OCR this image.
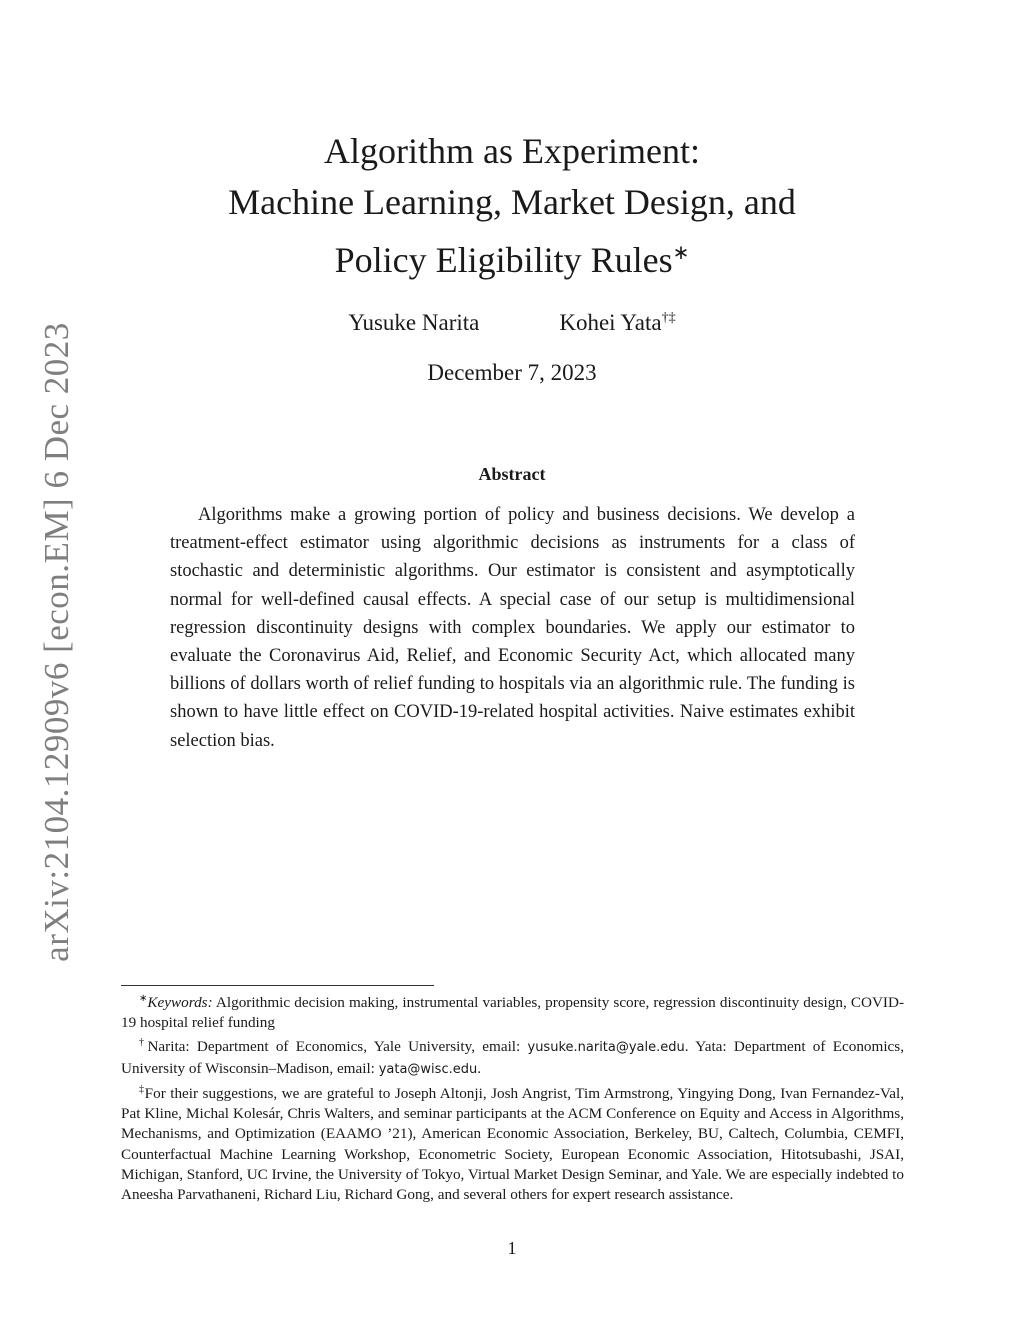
arXiv:2104.12909v6 [econ.EM] 6 Dec 2023
Algorithm as Experiment:
Machine Learning, Market Design, and
Policy Eligibility Rules∗
Yusuke Narita	Kohei Yata†‡
December 7, 2023
Abstract

Algorithms make a growing portion of policy and business decisions. We develop a treatment-effect estimator using algorithmic decisions as instruments for a class of stochastic and deterministic algorithms. Our estimator is consistent and asymptotically normal for well-defined causal effects. A special case of our setup is multidimensional regression discontinuity designs with complex boundaries. We apply our estimator to evaluate the Coronavirus Aid, Relief, and Economic Security Act, which allocated many billions of dollars worth of relief funding to hospitals via an algorithmic rule. The funding is shown to have little effect on COVID-19-related hospital activities. Naive estimates exhibit selection bias.

∗Keywords: Algorithmic decision making, instrumental variables, propensity score, regression discontinuity design, COVID-19 hospital relief funding

†Narita: Department of Economics, Yale University, email: yusuke.narita@yale.edu. Yata: Department of Economics, University of Wisconsin–Madison, email: yata@wisc.edu.

‡For their suggestions, we are grateful to Joseph Altonji, Josh Angrist, Tim Armstrong, Yingying Dong, Ivan Fernandez-Val, Pat Kline, Michal Kolesár, Chris Walters, and seminar participants at the ACM Conference on Equity and Access in Algorithms, Mechanisms, and Optimization (EAAMO ’21), American Economic Association, Berkeley, BU, Caltech, Columbia, CEMFI, Counterfactual Machine Learning Workshop, Econometric Society, European Economic Association, Hitotsubashi, JSAI, Michigan, Stanford, UC Irvine, the University of Tokyo, Virtual Market Design Seminar, and Yale. We are especially indebted to Aneesha Parvathaneni, Richard Liu, Richard Gong, and several others for expert research assistance.

1
